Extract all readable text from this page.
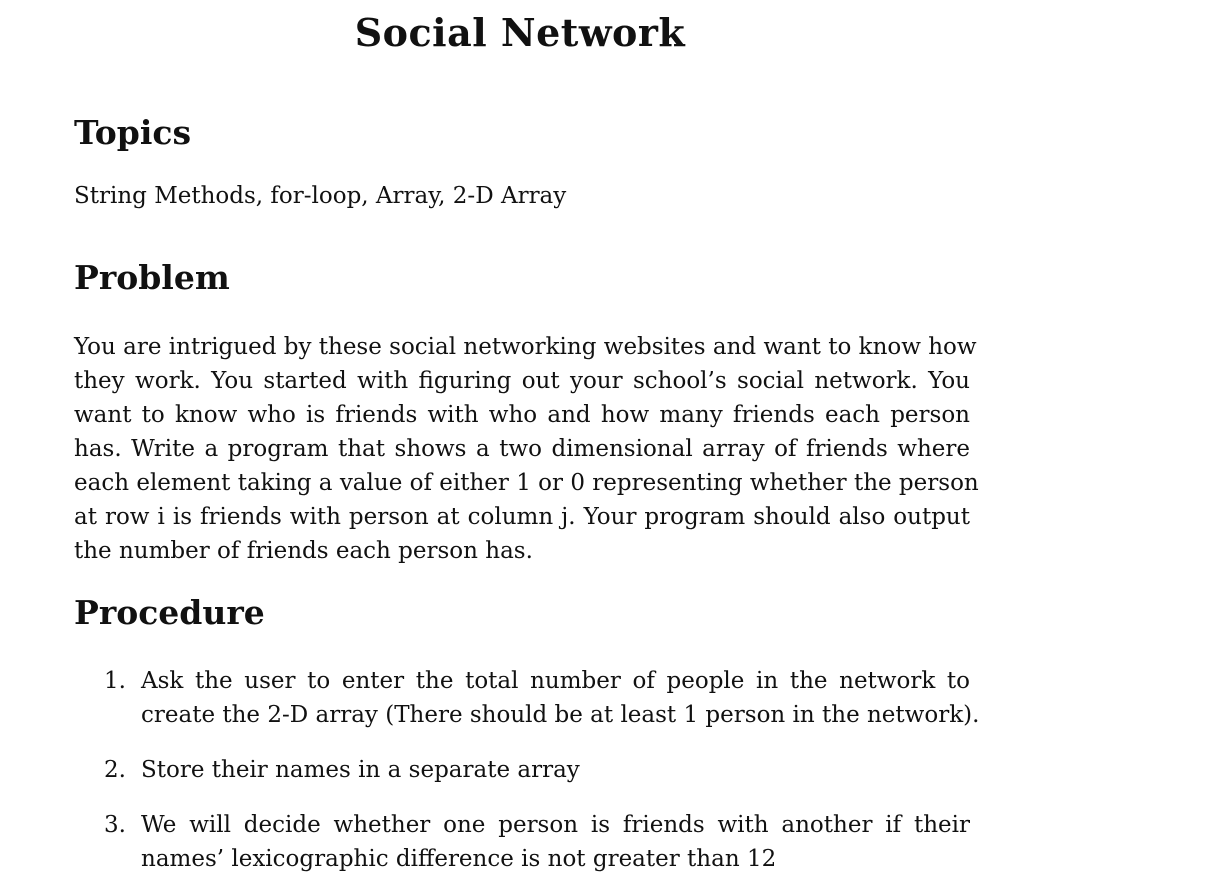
Social Network
Topics

String Methods, for-loop, Array, 2-D Array

Problem
You are intrigued by these social networking websites and want to know how
they work. You started with figuring out your school’s social network. You
want to know who is friends with who and how many friends each person
has. Write a program that shows a two dimensional array of friends where
each element taking a value of either 1 or 0 representing whether the person
at row i is friends with person at column j. Your program should also output
the number of friends each person has.
Procedure
1. Ask the user to enter the total number of people in the network to
create the 2-D array (There should be at least 1 person in the network).
2. Store their names in a separate array
3. We will decide whether one person is friends with another if their
names’ lexicographic difference is not greater than 12
